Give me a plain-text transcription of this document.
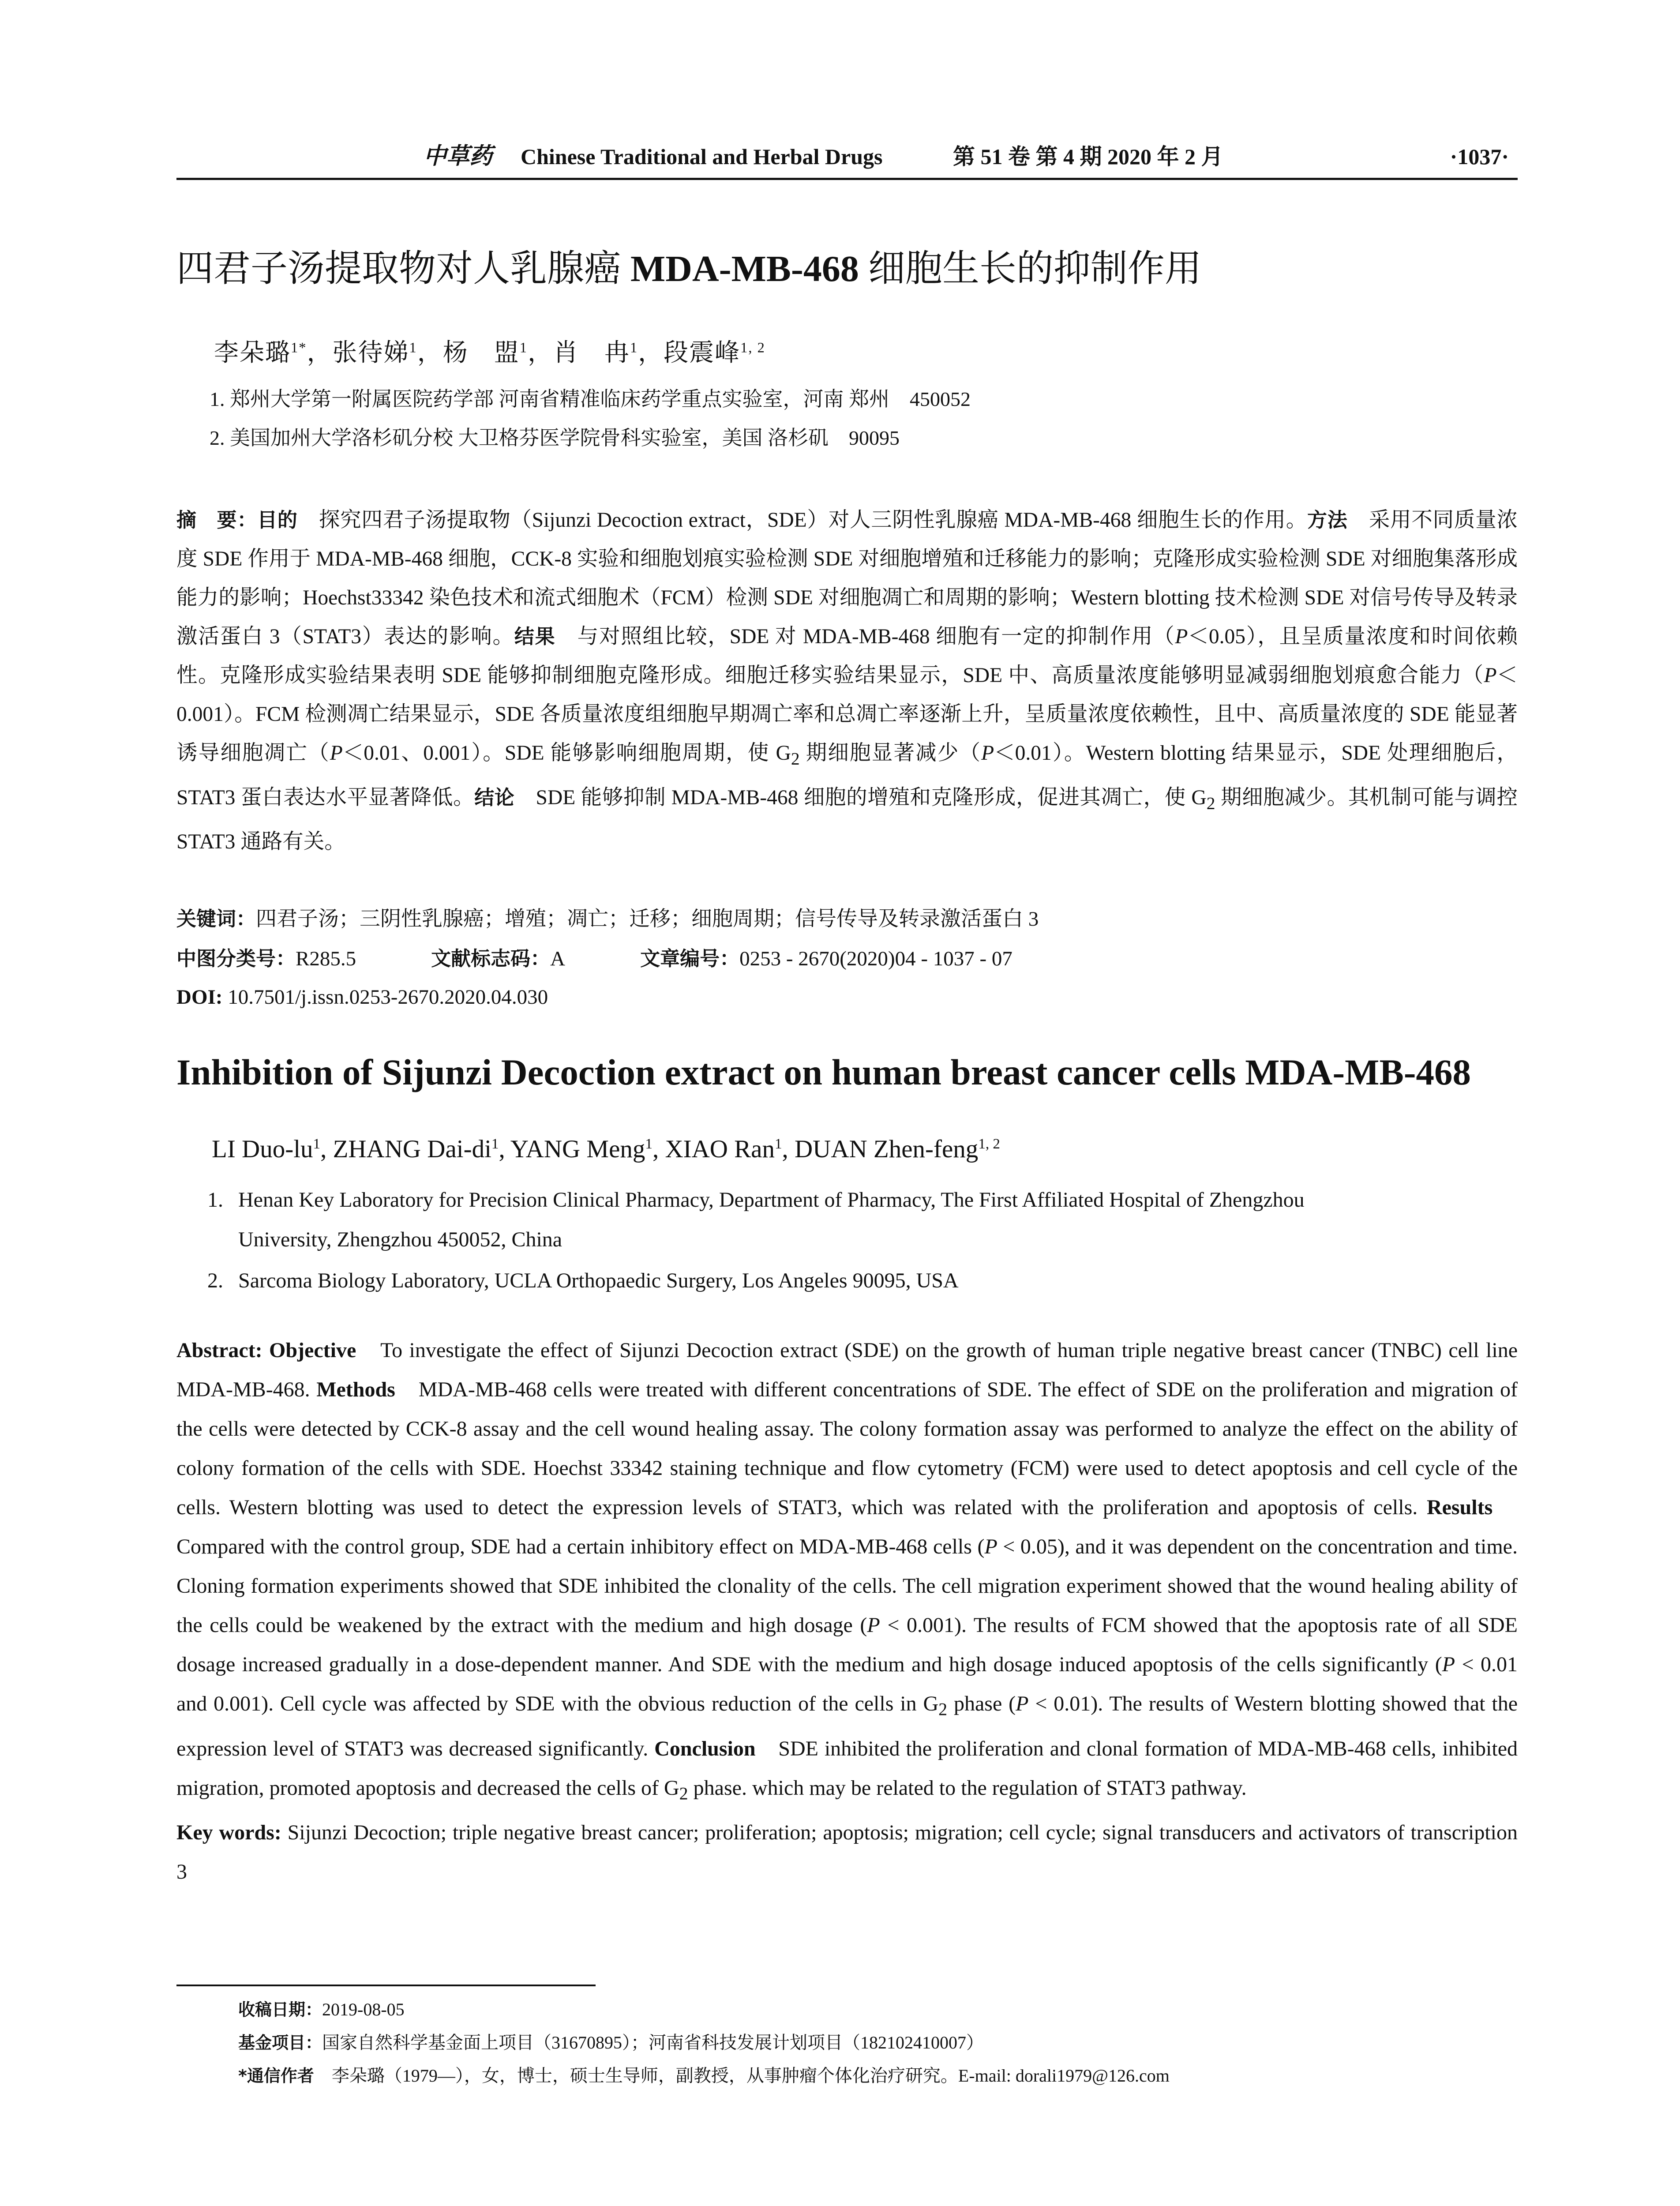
中草药 Chinese Traditional and Herbal Drugs	第 51 卷 第 4 期 2020 年 2 月	·1037·
四君子汤提取物对人乳腺癌 MDA-MB-468 细胞生长的抑制作用
李朵璐$^{1*}$，张待娣$^1$，杨　盟$^1$，肖　冉$^1$，段震峰$^{1, 2}$
1. 郑州大学第一附属医院药学部 河南省精准临床药学重点实验室，河南 郑州　450052
2. 美国加州大学洛杉矶分校 大卫格芬医学院骨科实验室，美国 洛杉矶　90095

摘　要：目的　探究四君子汤提取物（Sijunzi Decoction extract，SDE）对人三阴性乳腺癌 MDA-MB-468 细胞生长的作用。方法　采用不同质量浓度 SDE 作用于 MDA-MB-468 细胞，CCK-8 实验和细胞划痕实验检测 SDE 对细胞增殖和迁移能力的影响；克隆形成实验检测 SDE 对细胞集落形成能力的影响；Hoechst33342 染色技术和流式细胞术（FCM）检测 SDE 对细胞凋亡和周期的影响；Western blotting 技术检测 SDE 对信号传导及转录激活蛋白 3（STAT3）表达的影响。结果　与对照组比较，SDE 对 MDA-MB-468 细胞有一定的抑制作用（P＜0.05），且呈质量浓度和时间依赖性。克隆形成实验结果表明 SDE 能够抑制细胞克隆形成。细胞迁移实验结果显示，SDE 中、高质量浓度能够明显减弱细胞划痕愈合能力（P＜0.001）。FCM 检测凋亡结果显示，SDE 各质量浓度组细胞早期凋亡率和总凋亡率逐渐上升，呈质量浓度依赖性，且中、高质量浓度的 SDE 能显著诱导细胞凋亡（P＜0.01、0.001）。SDE 能够影响细胞周期，使 $G_2$ 期细胞显著减少（P＜0.01）。Western blotting 结果显示，SDE 处理细胞后，STAT3 蛋白表达水平显著降低。结论　SDE 能够抑制 MDA-MB-468 细胞的增殖和克隆形成，促进其凋亡，使 $G_2$ 期细胞减少。其机制可能与调控 STAT3 通路有关。

关键词：四君子汤；三阴性乳腺癌；增殖；凋亡；迁移；细胞周期；信号传导及转录激活蛋白 3
中图分类号：R285.5	文献标志码：A	文章编号：0253 - 2670(2020)04 - 1037 - 07
DOI: 10.7501/j.issn.0253-2670.2020.04.030
Inhibition of Sijunzi Decoction extract on human breast cancer cells MDA-MB-468
LI Duo-$lu^1$, ZHANG Dai-$di^1$, YANG Meng$^1$, XIAO Ran$^1$, DUAN Zhen-feng$^{1, 2}$
1. Henan Key Laboratory for Precision Clinical Pharmacy, Department of Pharmacy, The First Affiliated Hospital of Zhengzhou
University, Zhengzhou 450052, China
2. Sarcoma Biology Laboratory, UCLA Orthopaedic Surgery, Los Angeles 90095, USA

Abstract: Objective　To investigate the effect of Sijunzi Decoction extract (SDE) on the growth of human triple negative breast cancer (TNBC) cell line MDA-MB-468. Methods　MDA-MB-468 cells were treated with different concentrations of SDE. The effect of SDE on the proliferation and migration of the cells were detected by CCK-8 assay and the cell wound healing assay. The colony formation assay was performed to analyze the effect on the ability of colony formation of the cells with SDE. Hoechst 33342 staining technique and flow cytometry (FCM) were used to detect apoptosis and cell cycle of the cells. Western blotting was used to detect the expression levels of STAT3, which was related with the proliferation and apoptosis of cells. Results　Compared with the control group, SDE had a certain inhibitory effect on MDA-MB-468 cells (P < 0.05), and it was dependent on the concentration and time. Cloning formation experiments showed that SDE inhibited the clonality of the cells. The cell migration experiment showed that the wound healing ability of the cells could be weakened by the extract with the medium and high dosage (P < 0.001). The results of FCM showed that the apoptosis rate of all SDE dosage increased gradually in a dose-dependent manner. And SDE with the medium and high dosage induced apoptosis of the cells significantly (P < 0.01 and 0.001). Cell cycle was affected by SDE with the obvious reduction of the cells in $G_2$ phase (P < 0.01). The results of Western blotting showed that the expression level of STAT3 was decreased significantly. Conclusion　SDE inhibited the proliferation and clonal formation of MDA-MB-468 cells, inhibited migration, promoted apoptosis and decreased the cells of $G_2$ phase. which may be related to the regulation of STAT3 pathway.

Key words: Sijunzi Decoction; triple negative breast cancer; proliferation; apoptosis; migration; cell cycle; signal transducers and activators of transcription 3

收稿日期：2019-08-05
基金项目：国家自然科学基金面上项目（31670895）；河南省科技发展计划项目（182102410007）
*通信作者　李朵璐（1979—），女，博士，硕士生导师，副教授，从事肿瘤个体化治疗研究。E-mail: dorali1979@126.com
